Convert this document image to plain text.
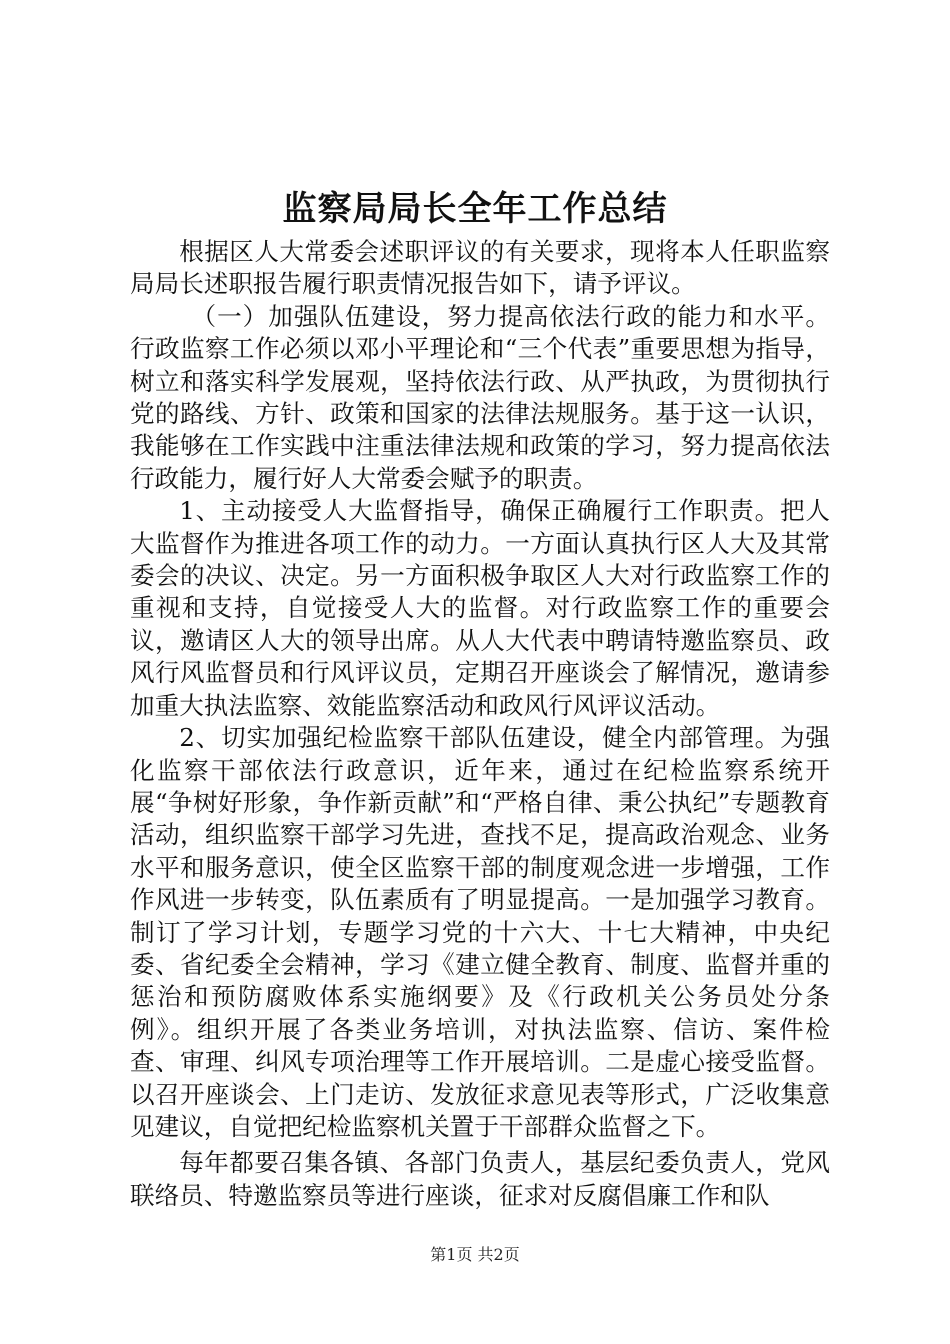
监察局局长全年工作总结

根据区人大常委会述职评议的有关要求，现将本人任职监察局局长述职报告履行职责情况报告如下，请予评议。

（一）加强队伍建设，努力提高依法行政的能力和水平。行政监察工作必须以邓小平理论和“三个代表”重要思想为指导，树立和落实科学发展观，坚持依法行政、从严执政，为贯彻执行党的路线、方针、政策和国家的法律法规服务。基于这一认识，我能够在工作实践中注重法律法规和政策的学习，努力提高依法行政能力，履行好人大常委会赋予的职责。

1、主动接受人大监督指导，确保正确履行工作职责。把人大监督作为推进各项工作的动力。一方面认真执行区人大及其常委会的决议、决定。另一方面积极争取区人大对行政监察工作的重视和支持，自觉接受人大的监督。对行政监察工作的重要会议，邀请区人大的领导出席。从人大代表中聘请特邀监察员、政风行风监督员和行风评议员，定期召开座谈会了解情况，邀请参加重大执法监察、效能监察活动和政风行风评议活动。

2、切实加强纪检监察干部队伍建设，健全内部管理。为强化监察干部依法行政意识，近年来，通过在纪检监察系统开展“争树好形象，争作新贡献”和“严格自律、秉公执纪”专题教育活动，组织监察干部学习先进，查找不足，提高政治观念、业务水平和服务意识，使全区监察干部的制度观念进一步增强，工作作风进一步转变，队伍素质有了明显提高。一是加强学习教育。制订了学习计划，专题学习党的十六大、十七大精神，中央纪委、省纪委全会精神，学习《建立健全教育、制度、监督并重的惩治和预防腐败体系实施纲要》及《行政机关公务员处分条例》。组织开展了各类业务培训，对执法监察、信访、案件检查、审理、纠风专项治理等工作开展培训。二是虚心接受监督。以召开座谈会、上门走访、发放征求意见表等形式，广泛收集意见建议，自觉把纪检监察机关置于干部群众监督之下。

每年都要召集各镇、各部门负责人，基层纪委负责人，党风联络员、特邀监察员等进行座谈，征求对反腐倡廉工作和队

第1页 共2页
